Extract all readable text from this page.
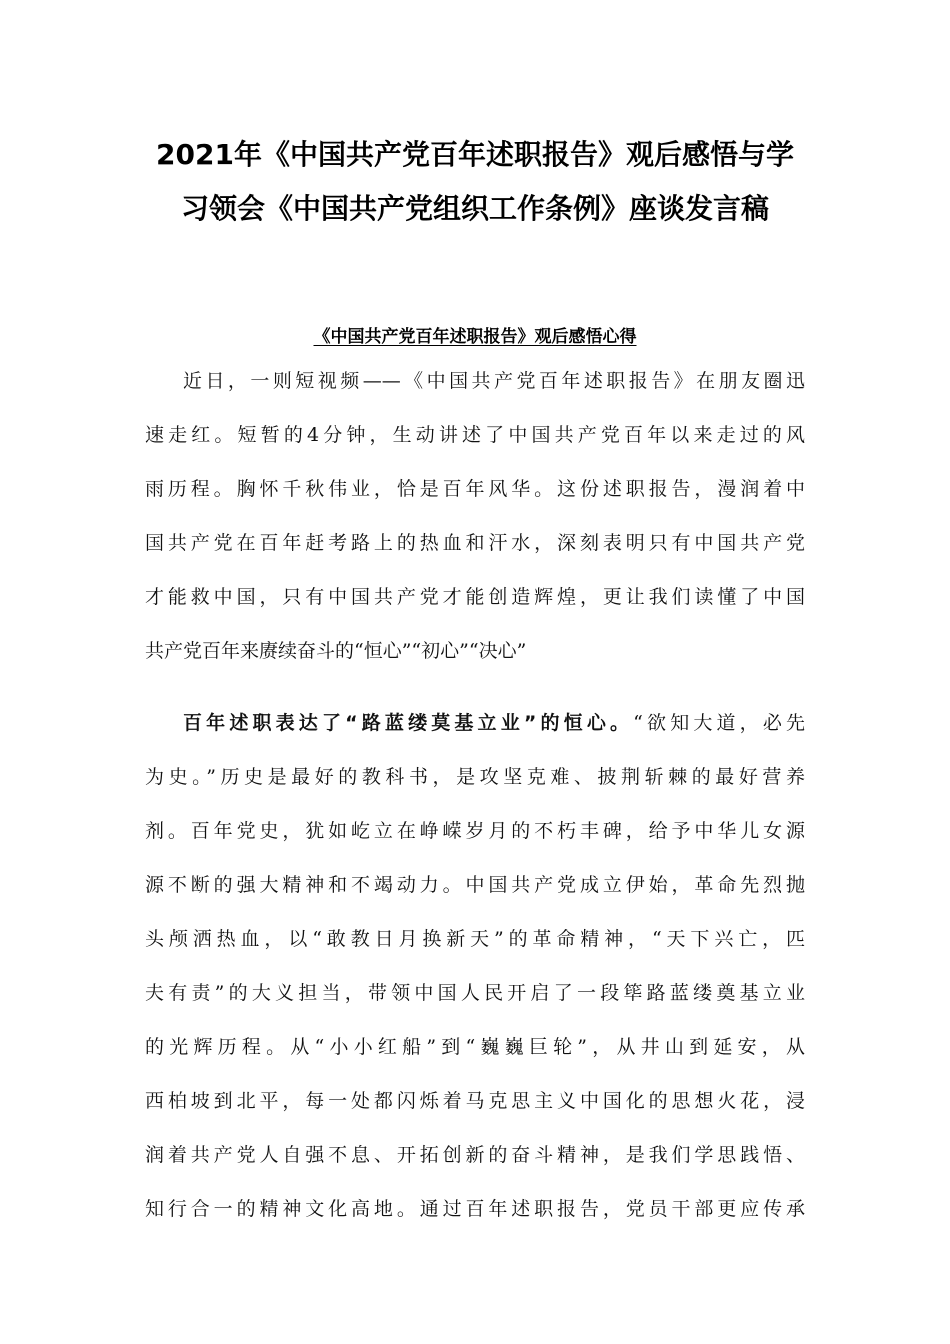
2021年《中国共产党百年述职报告》观后感悟与学
习领会《中国共产党组织工作条例》座谈发言稿
《中国共产党百年述职报告》观后感悟心得
近日，一则短视频——《中国共产党百年述职报告》在朋友圈迅
速走红。短暂的4分钟，生动讲述了中国共产党百年以来走过的风
雨历程。胸怀千秋伟业，恰是百年风华。这份述职报告，漫润着中
国共产党在百年赶考路上的热血和汗水，深刻表明只有中国共产党
才能救中国，只有中国共产党才能创造辉煌，更让我们读懂了中国
共产党百年来赓续奋斗的“恒心”“初心”“决心”
百年述职表达了“路蓝缕莫基立业”的恒心。“欲知大道，必先
为史。”历史是最好的教科书，是攻坚克难、披荆斩棘的最好营养
剂。百年党史，犹如屹立在峥嵘岁月的不朽丰碑，给予中华儿女源
源不断的强大精神和不竭动力。中国共产党成立伊始，革命先烈抛
头颅洒热血，以“敢教日月换新天”的革命精神，“天下兴亡，匹
夫有责”的大义担当，带领中国人民开启了一段筚路蓝缕奠基立业
的光辉历程。从“小小红船”到“巍巍巨轮”，从井山到延安，从
西柏坡到北平，每一处都闪烁着马克思主义中国化的思想火花，浸
润着共产党人自强不息、开拓创新的奋斗精神，是我们学思践悟、
知行合一的精神文化高地。通过百年述职报告，党员干部更应传承
